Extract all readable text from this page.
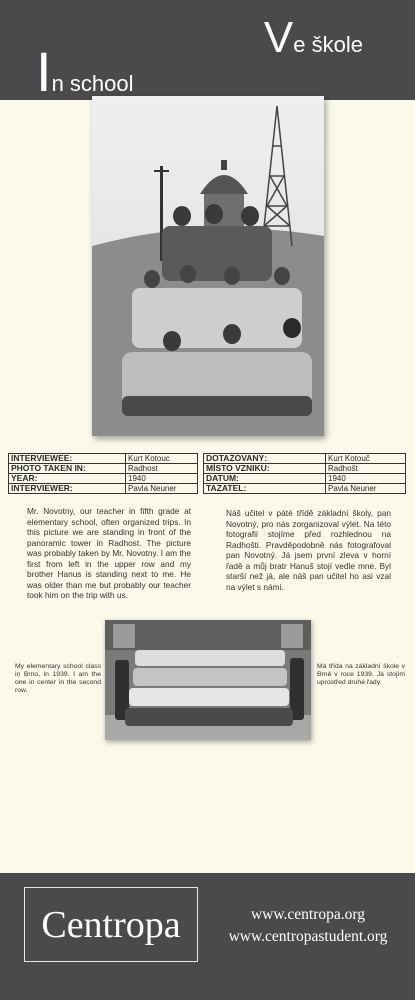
Ve škole
In school
INTERVIEWEE:	Kurt Kotouc
PHOTO TAKEN IN:	Radhost
YEAR:	1940
INTERVIEWER:	Pavla Neuner
DOTAZOVANÝ:	Kurt Kotouč
MÍSTO VZNIKU:	Radhošt
DATUM:	1940
TAZATEL:	Pavla Neuner

Mr. Novotny, our teacher in fifth grade at elementary school, often organized trips. In this picture we are standing in front of the panoramic tower in Radhost. The picture was probably taken by Mr. Novotny. I am the first from left in the upper row and my brother Hanus is standing next to me. He was older than me but probably our teacher took him on the trip with us.

Náš učitel v páté třídě základní školy, pan Novotný, pro nás zorganizoval výlet. Na této fotografii stojíme před rozhlednou na Radhošti. Pravděpodobně nás fotografoval pan Novotný. Já jsem první zleva v horní řadě a můj bratr Hanuš stojí vedle mne. Byl starší než já, ale náš pan učitel ho asi vzal na výlet s námi.

My elementary school class in Brno, in 1939. I am the one in center in the second row.

Má třída na základní škole v Brně v roce 1939. Já stojím uprostřed druhé řady.

Centropa	www.centropa.org
www.centropastudent.org
